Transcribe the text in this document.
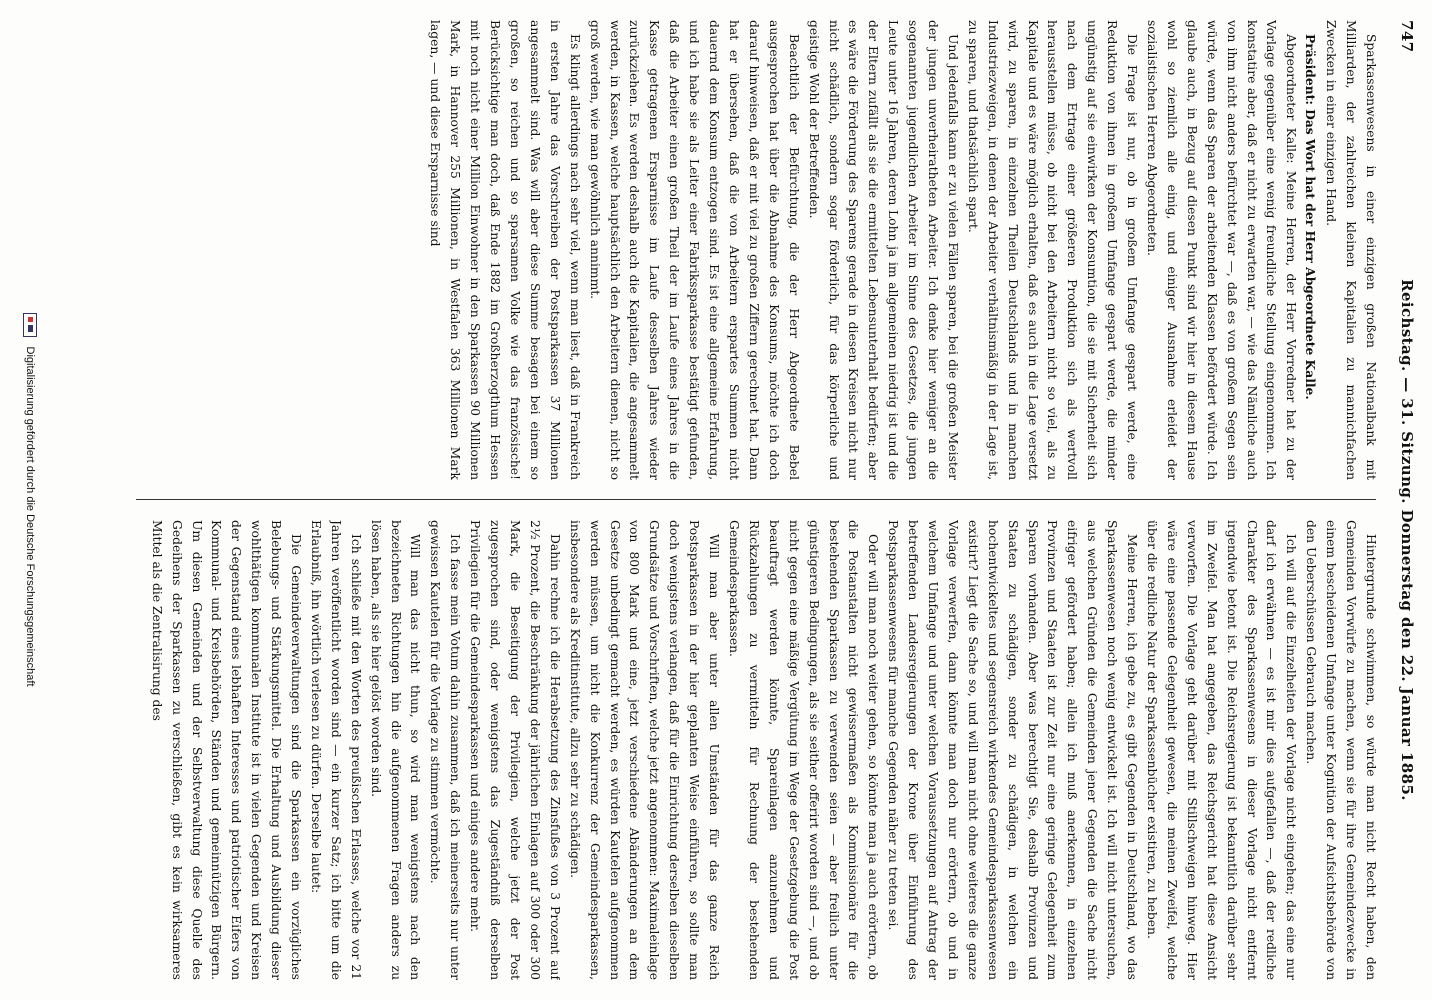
747
Reichstag. — 31. Sitzung. Donnerstag den 22. Januar 1885.

Sparkassenwesens in einer einzigen großen Nationalbank mit Milliarden, der zahlreichen kleinen Kapitalien zu mannichfachen Zwecken in einer einzigen Hand.

Präsident: Das Wort hat der Herr Abgeordnete Kalle.

Abgeordneter Kalle: Meine Herren, der Herr Vorredner hat zu der Vorlage gegenüber eine wenig freundliche Stellung eingenommen. Ich konstatire aber, daß er nicht zu erwarten war, — wie das Nämliche auch von ihm nicht anders befürchtet war —, daß es von großem Segen sein würde, wenn das Sparen der arbeitenden Klassen befördert würde. Ich glaube auch, in Bezug auf diesen Punkt sind wir hier in diesem Hause wohl so ziemlich alle einig, und einiger Ausnahme erleidet der sozialistischen Herren Abgeordneten.

Die Frage ist nur, ob in großem Umfange gespart werde, eine Reduktion von ihnen in großem Umfange gespart werde, die minder ungünstig auf sie einwirken der Konsumtion, die sie mit Sicherheit sich nach dem Ertrage einer größeren Produktion sich als wertvoll herausstellen müsse, ob nicht bei den Arbeitern nicht so viel, als zu Kapitale und es wäre möglich erhalten, daß es auch in die Lage versetzt wird, zu sparen, in einzelnen Theilen Deutschlands und in manchen Industriezweigen, in denen der Arbeiter verhältnismäßig in der Lage ist, zu sparen, und thatsächlich spart.

Und jedenfalls kann er zu vielen Fällen sparen, bei die großen Meister der jungen unverheiratheten Arbeiter. Ich denke hier weniger an die sogenannten jugendlichen Arbeiter im Sinne des Gesetzes, die jungen Leute unter 16 Jahren, deren Lohn ja im allgemeinen niedrig ist und die der Eltern zufällt als sie die ermittelten Lebensunterhalt bedürfen; aber es wäre die Förderung des Sparens gerade in diesen Kreisen nicht nur nicht schädlich, sondern sogar förderlich, für das körperliche und geistige Wohl der Betreffenden.

Beachtlich der Befürchtung, die der Herr Abgeordnete Bebel ausgesprochen hat über die Abnahme des Konsums, möchte ich doch darauf hinweisen, daß er mit viel zu großen Ziffern gerechnet hat. Dann hat er übersehen, daß die von Arbeitern erspartes Summen nicht dauernd dem Konsum entzogen sind. Es ist eine allgemeine Erfahrung, und ich habe sie als Leiter einer Fabrikssparkasse bestätigt gefunden, daß die Arbeiter einen großen Theil der im Laufe eines Jahres in die Kasse getragenen Ersparnisse im Laufe desselben Jahres wieder zurückziehen. Es werden deshalb auch die Kapitalien, die angesammelt werden, in Kassen, welche hauptsächlich den Arbeitern dienen, nicht so groß werden, wie man gewöhnlich annimmt.

Es klingt allerdings nach sehr viel, wenn man liest, daß in Frankreich in ersten Jahre das Vorschreiben der Postsparkassen 37 Millionen angesammelt sind. Was will aber diese Summe besagen bei einem so großen, so reichen und so sparsamen Volke wie das französische! Berücksichtige man doch, daß Ende 1882 im Großherzogthum Hessen mit noch nicht einer Million Einwohner in den Sparkassen 90 Millionen Mark, in Hannover 255 Millionen, in Westfalen 363 Millionen Mark lagen, — und diese Ersparnisse sind

Hintergrunde schwimmen, so würde man nicht Recht haben, den Gemeinden Vorwürfe zu machen, wenn sie für ihre Gemeindezwecke in einem bescheidenen Umfange unter Kognition der Aufsichtsbehörde von den Ueberschüssen Gebrauch machen.

Ich will auf die Einzelheiten der Vorlage nicht eingehen; das eine nur darf ich erwähnen — es ist mir dies aufgefallen —, daß der redliche Charakter des Sparkassenwesens in dieser Vorlage nicht entfernt irgendwie betont ist. Die Reichsregierung ist bekanntlich darüber sehr im Zweifel. Man hat angegeben, das Reichsgericht hat diese Ansicht verworfen. Die Vorlage geht darüber mit Stillschweigen hinweg. Hier wäre eine passende Gelegenheit gewesen, die meinen Zweifel, welche über die redliche Natur der Sparkassenbücher existiren, zu heben.

Meine Herren, ich gebe zu, es gibt Gegenden in Deutschland, wo das Sparkassenwesen noch wenig entwickelt ist. Ich will nicht untersuchen, aus welchen Gründen die Gemeinden jener Gegenden die Sache nicht eifriger gefördert haben; allein ich muß anerkennen, in einzelnen Provinzen und Staaten ist zur Zeit nur eine geringe Gelegenheit zum Sparen vorhanden. Aber was berechtigt Sie, deshalb Provinzen und Staaten zu schädigen, sonder zu schädigen, in welchen ein hochentwickeltes und segensreich wirkendes Gemeindesparkassenwesen existirt? Liegt die Sache so, und will man nicht ohne weiteres die ganze Vorlage verwerfen, dann könnte man doch nur erörtern, ob und in welchem Umfange und unter welchen Voraussetzungen auf Antrag der betreffenden Landesregierungen der Krone über Einführung des Postsparkassenwesens für manche Gegenden näher zu treten sei.

Oder will man noch weiter gehen, so könnte man ja auch erörtern, ob die Postanstalten nicht gewissermaßen als Kommissionäre für die bestehenden Sparkassen zu verwenden seien — aber freilich unter günstigeren Bedingungen, als sie seither offerirt worden sind —, und ob nicht gegen eine mäßige Vergütung im Wege der Gesetzgebung die Post beauftragt werden könnte, Spareinlagen anzunehmen und Rückzahlungen zu vermitteln für Rechnung der bestehenden Gemeindesparkassen.

Will man aber unter allen Umständen für das ganze Reich Postsparkassen in der hier geplanten Weise einführen, so sollte man doch wenigstens verlangen, daß für die Einrichtung derselben dieselben Grundsätze und Vorschriften, welche jetzt angenommen: Maximaleinlage von 800 Mark und eine, jetzt verschiedene Abänderungen an dem Gesetze unbedingt gemacht werden, es würden Kautelen aufgenommen werden müssen, um nicht die Konkurrenz der Gemeindesparkassen, insbesondere als Kreditinstitute, allzu sehr zu schädigen.

Dahin rechne ich die Herabsetzung des Zinsfußes von 3 Prozent auf 2½ Prozent, die Beschränkung der jährlichen Einlagen auf 300 oder 300 Mark, die Beseitigung der Privilegien, welche jetzt der Post zugesprochen sind, oder wenigstens das Zugeständniß derselben Privilegien für die Gemeindesparkassen und einiges andere mehr.

Ich fasse mein Votum dahin zusammen, daß ich meinerseits nur unter gewissen Kautelen für die Vorlage zu stimmen vermöchte.

Will man das nicht thun, so wird man wenigstens nach den bezeichneten Richtungen hin die aufgenommenen Fragen anders zu lösen haben, als sie hier gelöst worden sind.

Ich schließe mit den Worten des preußischen Erlasses, welche vor 21 Jahren veröffentlicht worden sind — ein kurzer Satz; ich bitte um die Erlaubniß, ihn wörtlich verlesen zu dürfen. Derselbe lautet:

Die Gemeindeverwaltungen sind die Sparkassen ein vorzügliches Belebungs- und Stärkungsmittel. Die Erhaltung und Ausbildung dieser wohlthätigen kommunalen Institute ist in vielen Gegenden und Kreisen der Gegenstand eines lebhaften Interesses und patriotischer Eifers von Kommunal- und Kreisbehörden, Ständen und gemeinnützigen Bürgern. Um diesen Gemeinden und der Selbstverwaltung diese Quelle des Gedeihens der Sparkassen zu verschließen, gibt es kein wirksameres Mittel als die Zentralisirung des

Digitalisierung gefördert durch die Deutsche Forschungsgemeinschaft
